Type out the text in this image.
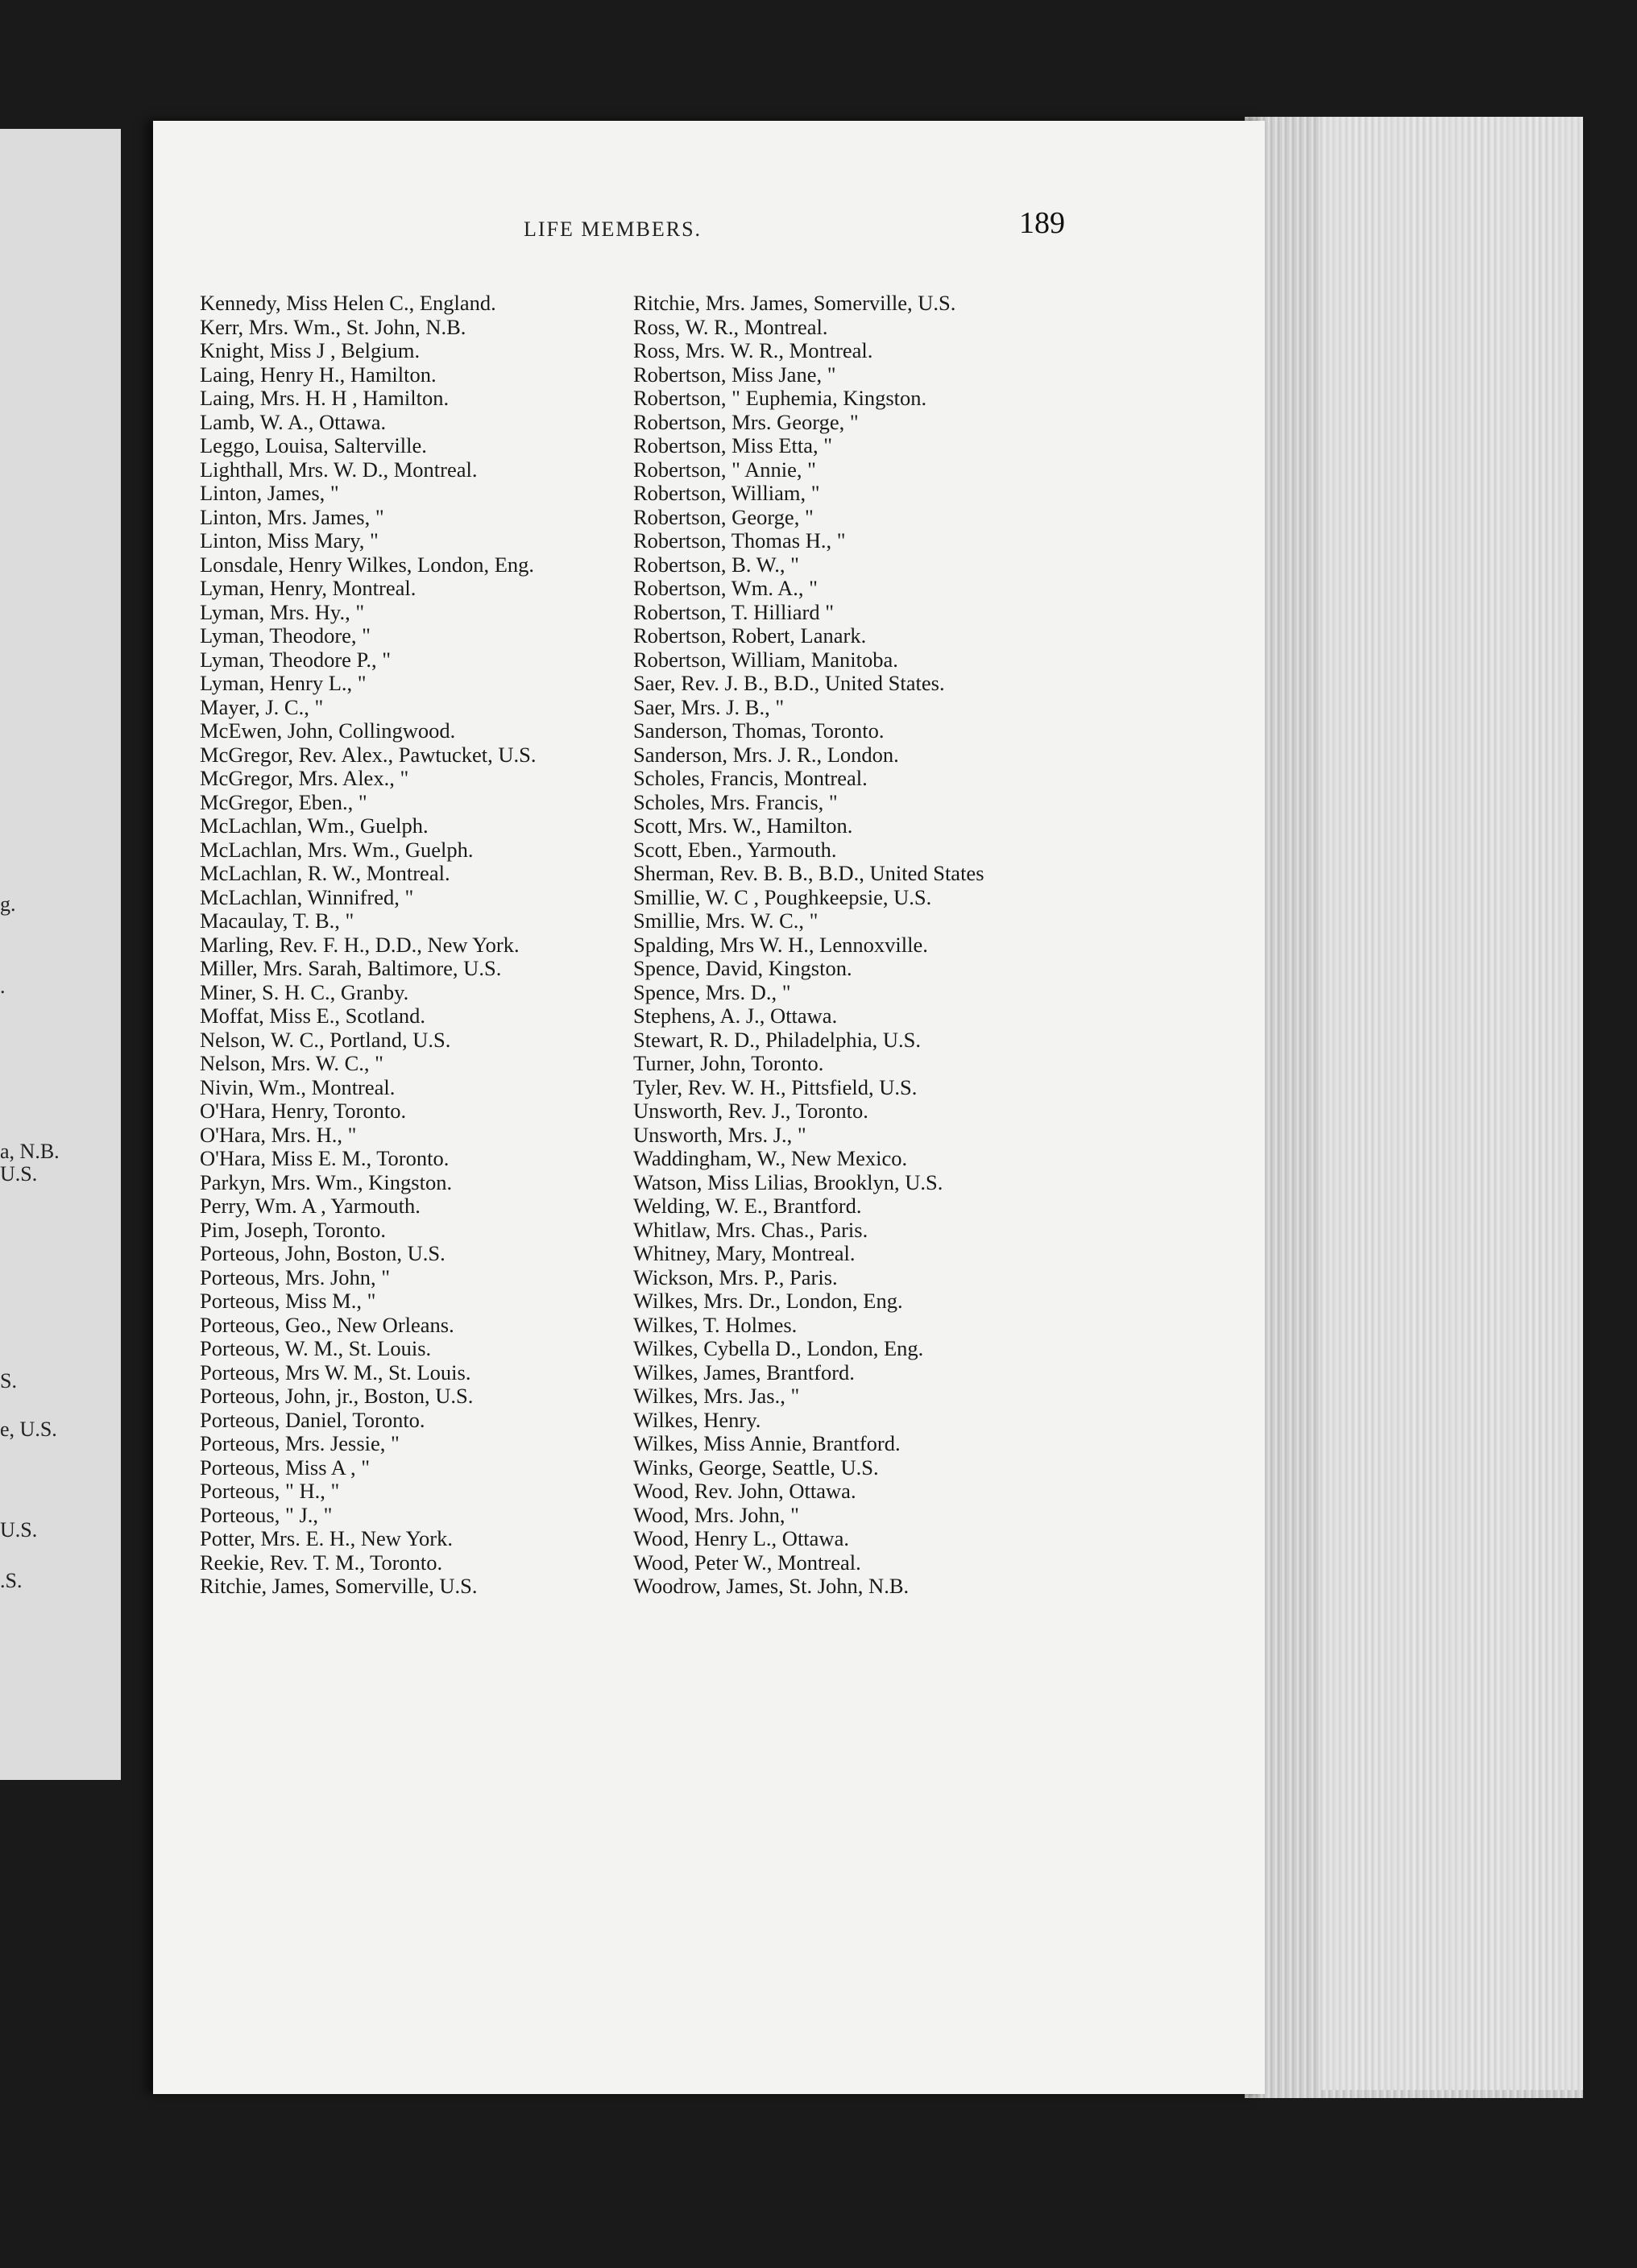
g.
.
a, N.B.
U.S.
S.
e, U.S.
U.S.
.S.
LIFE MEMBERS.	189
Kennedy, Miss Helen C., England.
Kerr, Mrs. Wm., St. John, N.B.
Knight, Miss J , Belgium.
Laing, Henry H., Hamilton.
Laing, Mrs. H. H , Hamilton.
Lamb, W. A., Ottawa.
Leggo, Louisa, Salterville.
Lighthall, Mrs. W. D., Montreal.
Linton, James, "
Linton, Mrs. James, "
Linton, Miss Mary, "
Lonsdale, Henry Wilkes, London, Eng.
Lyman, Henry, Montreal.
Lyman, Mrs. Hy., "
Lyman, Theodore, "
Lyman, Theodore P., "
Lyman, Henry L., "
Mayer, J. C., "
McEwen, John, Collingwood.
McGregor, Rev. Alex., Pawtucket, U.S.
McGregor, Mrs. Alex., "
McGregor, Eben., "
McLachlan, Wm., Guelph.
McLachlan, Mrs. Wm., Guelph.
McLachlan, R. W., Montreal.
McLachlan, Winnifred, "
Macaulay, T. B., "
Marling, Rev. F. H., D.D., New York.
Miller, Mrs. Sarah, Baltimore, U.S.
Miner, S. H. C., Granby.
Moffat, Miss E., Scotland.
Nelson, W. C., Portland, U.S.
Nelson, Mrs. W. C., "
Nivin, Wm., Montreal.
O'Hara, Henry, Toronto.
O'Hara, Mrs. H., "
O'Hara, Miss E. M., Toronto.
Parkyn, Mrs. Wm., Kingston.
Perry, Wm. A , Yarmouth.
Pim, Joseph, Toronto.
Porteous, John, Boston, U.S.
Porteous, Mrs. John, "
Porteous, Miss M., "
Porteous, Geo., New Orleans.
Porteous, W. M., St. Louis.
Porteous, Mrs W. M., St. Louis.
Porteous, John, jr., Boston, U.S.
Porteous, Daniel, Toronto.
Porteous, Mrs. Jessie, "
Porteous, Miss A , "
Porteous, " H., "
Porteous, " J., "
Potter, Mrs. E. H., New York.
Reekie, Rev. T. M., Toronto.
Ritchie, James, Somerville, U.S.
Ritchie, Mrs. James, Somerville, U.S.
Ross, W. R., Montreal.
Ross, Mrs. W. R., Montreal.
Robertson, Miss Jane, "
Robertson, " Euphemia, Kingston.
Robertson, Mrs. George, "
Robertson, Miss Etta, "
Robertson, " Annie, "
Robertson, William, "
Robertson, George, "
Robertson, Thomas H., "
Robertson, B. W., "
Robertson, Wm. A., "
Robertson, T. Hilliard "
Robertson, Robert, Lanark.
Robertson, William, Manitoba.
Saer, Rev. J. B., B.D., United States.
Saer, Mrs. J. B., "
Sanderson, Thomas, Toronto.
Sanderson, Mrs. J. R., London.
Scholes, Francis, Montreal.
Scholes, Mrs. Francis, "
Scott, Mrs. W., Hamilton.
Scott, Eben., Yarmouth.
Sherman, Rev. B. B., B.D., United States
Smillie, W. C , Poughkeepsie, U.S.
Smillie, Mrs. W. C., "
Spalding, Mrs W. H., Lennoxville.
Spence, David, Kingston.
Spence, Mrs. D., "
Stephens, A. J., Ottawa.
Stewart, R. D., Philadelphia, U.S.
Turner, John, Toronto.
Tyler, Rev. W. H., Pittsfield, U.S.
Unsworth, Rev. J., Toronto.
Unsworth, Mrs. J., "
Waddingham, W., New Mexico.
Watson, Miss Lilias, Brooklyn, U.S.
Welding, W. E., Brantford.
Whitlaw, Mrs. Chas., Paris.
Whitney, Mary, Montreal.
Wickson, Mrs. P., Paris.
Wilkes, Mrs. Dr., London, Eng.
Wilkes, T. Holmes.
Wilkes, Cybella D., London, Eng.
Wilkes, James, Brantford.
Wilkes, Mrs. Jas., "
Wilkes, Henry.
Wilkes, Miss Annie, Brantford.
Winks, George, Seattle, U.S.
Wood, Rev. John, Ottawa.
Wood, Mrs. John, "
Wood, Henry L., Ottawa.
Wood, Peter W., Montreal.
Woodrow, James, St. John, N.B.
